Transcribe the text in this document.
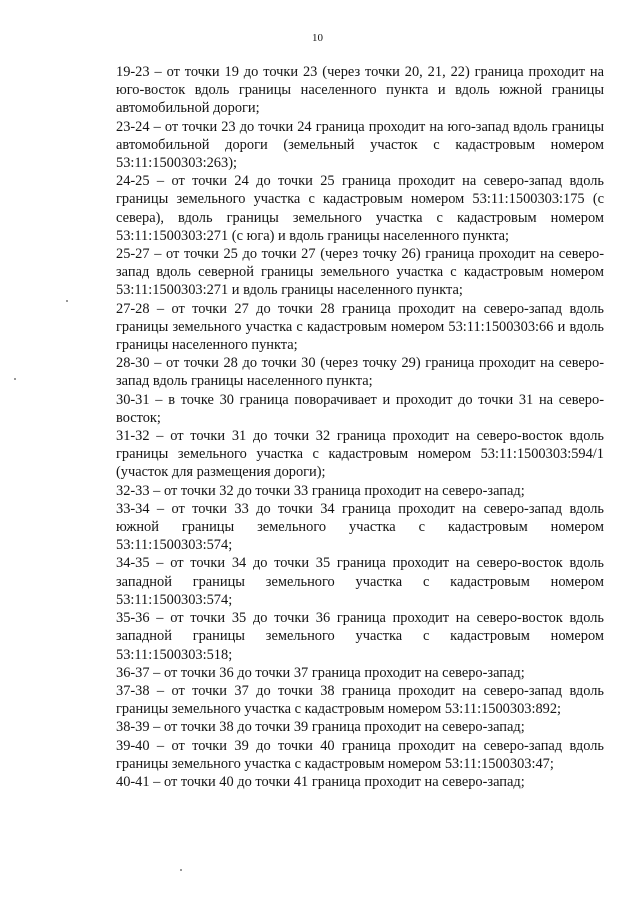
10

19-23 – от точки 19 до точки 23 (через точки 20, 21, 22) граница проходит на юго-восток вдоль границы населенного пункта и вдоль южной границы автомобильной дороги;

23-24 – от точки 23 до точки 24 граница проходит на юго-запад вдоль границы автомобильной дороги (земельный участок с кадастровым номером 53:11:1500303:263);

24-25 – от точки 24 до точки 25 граница проходит на северо-запад вдоль границы земельного участка с кадастровым номером 53:11:1500303:175 (с севера), вдоль границы земельного участка с кадастровым номером 53:11:1500303:271 (с юга) и вдоль границы населенного пункта;

25-27 – от точки 25 до точки 27 (через точку 26) граница проходит на северо-запад вдоль северной границы земельного участка с кадастровым номером 53:11:1500303:271 и вдоль границы населенного пункта;

27-28 – от точки 27 до точки 28 граница проходит на северо-запад вдоль границы земельного участка с кадастровым номером 53:11:1500303:66 и вдоль границы населенного пункта;

28-30 – от точки 28 до точки 30 (через точку 29) граница проходит на северо-запад вдоль границы населенного пункта;

30-31 – в точке 30 граница поворачивает и проходит до точки 31 на северо-восток;

31-32 – от точки 31 до точки 32 граница проходит на северо-восток вдоль границы земельного участка с кадастровым номером 53:11:1500303:594/1 (участок для размещения дороги);

32-33 – от точки 32 до точки 33 граница проходит на северо-запад;

33-34 – от точки 33 до точки 34 граница проходит на северо-запад вдоль южной границы земельного участка с кадастровым номером 53:11:1500303:574;

34-35 – от точки 34 до точки 35 граница проходит на северо-восток вдоль западной границы земельного участка с кадастровым номером 53:11:1500303:574;

35-36 – от точки 35 до точки 36 граница проходит на северо-восток вдоль западной границы земельного участка с кадастровым номером 53:11:1500303:518;

36-37 – от точки 36 до точки 37 граница проходит на северо-запад;

37-38 – от точки 37 до точки 38 граница проходит на северо-запад вдоль границы земельного участка с кадастровым номером 53:11:1500303:892;

38-39 – от точки 38 до точки 39 граница проходит на северо-запад;

39-40 – от точки 39 до точки 40 граница проходит на северо-запад вдоль границы земельного участка с кадастровым номером 53:11:1500303:47;

40-41 – от точки 40 до точки 41 граница проходит на северо-запад;
